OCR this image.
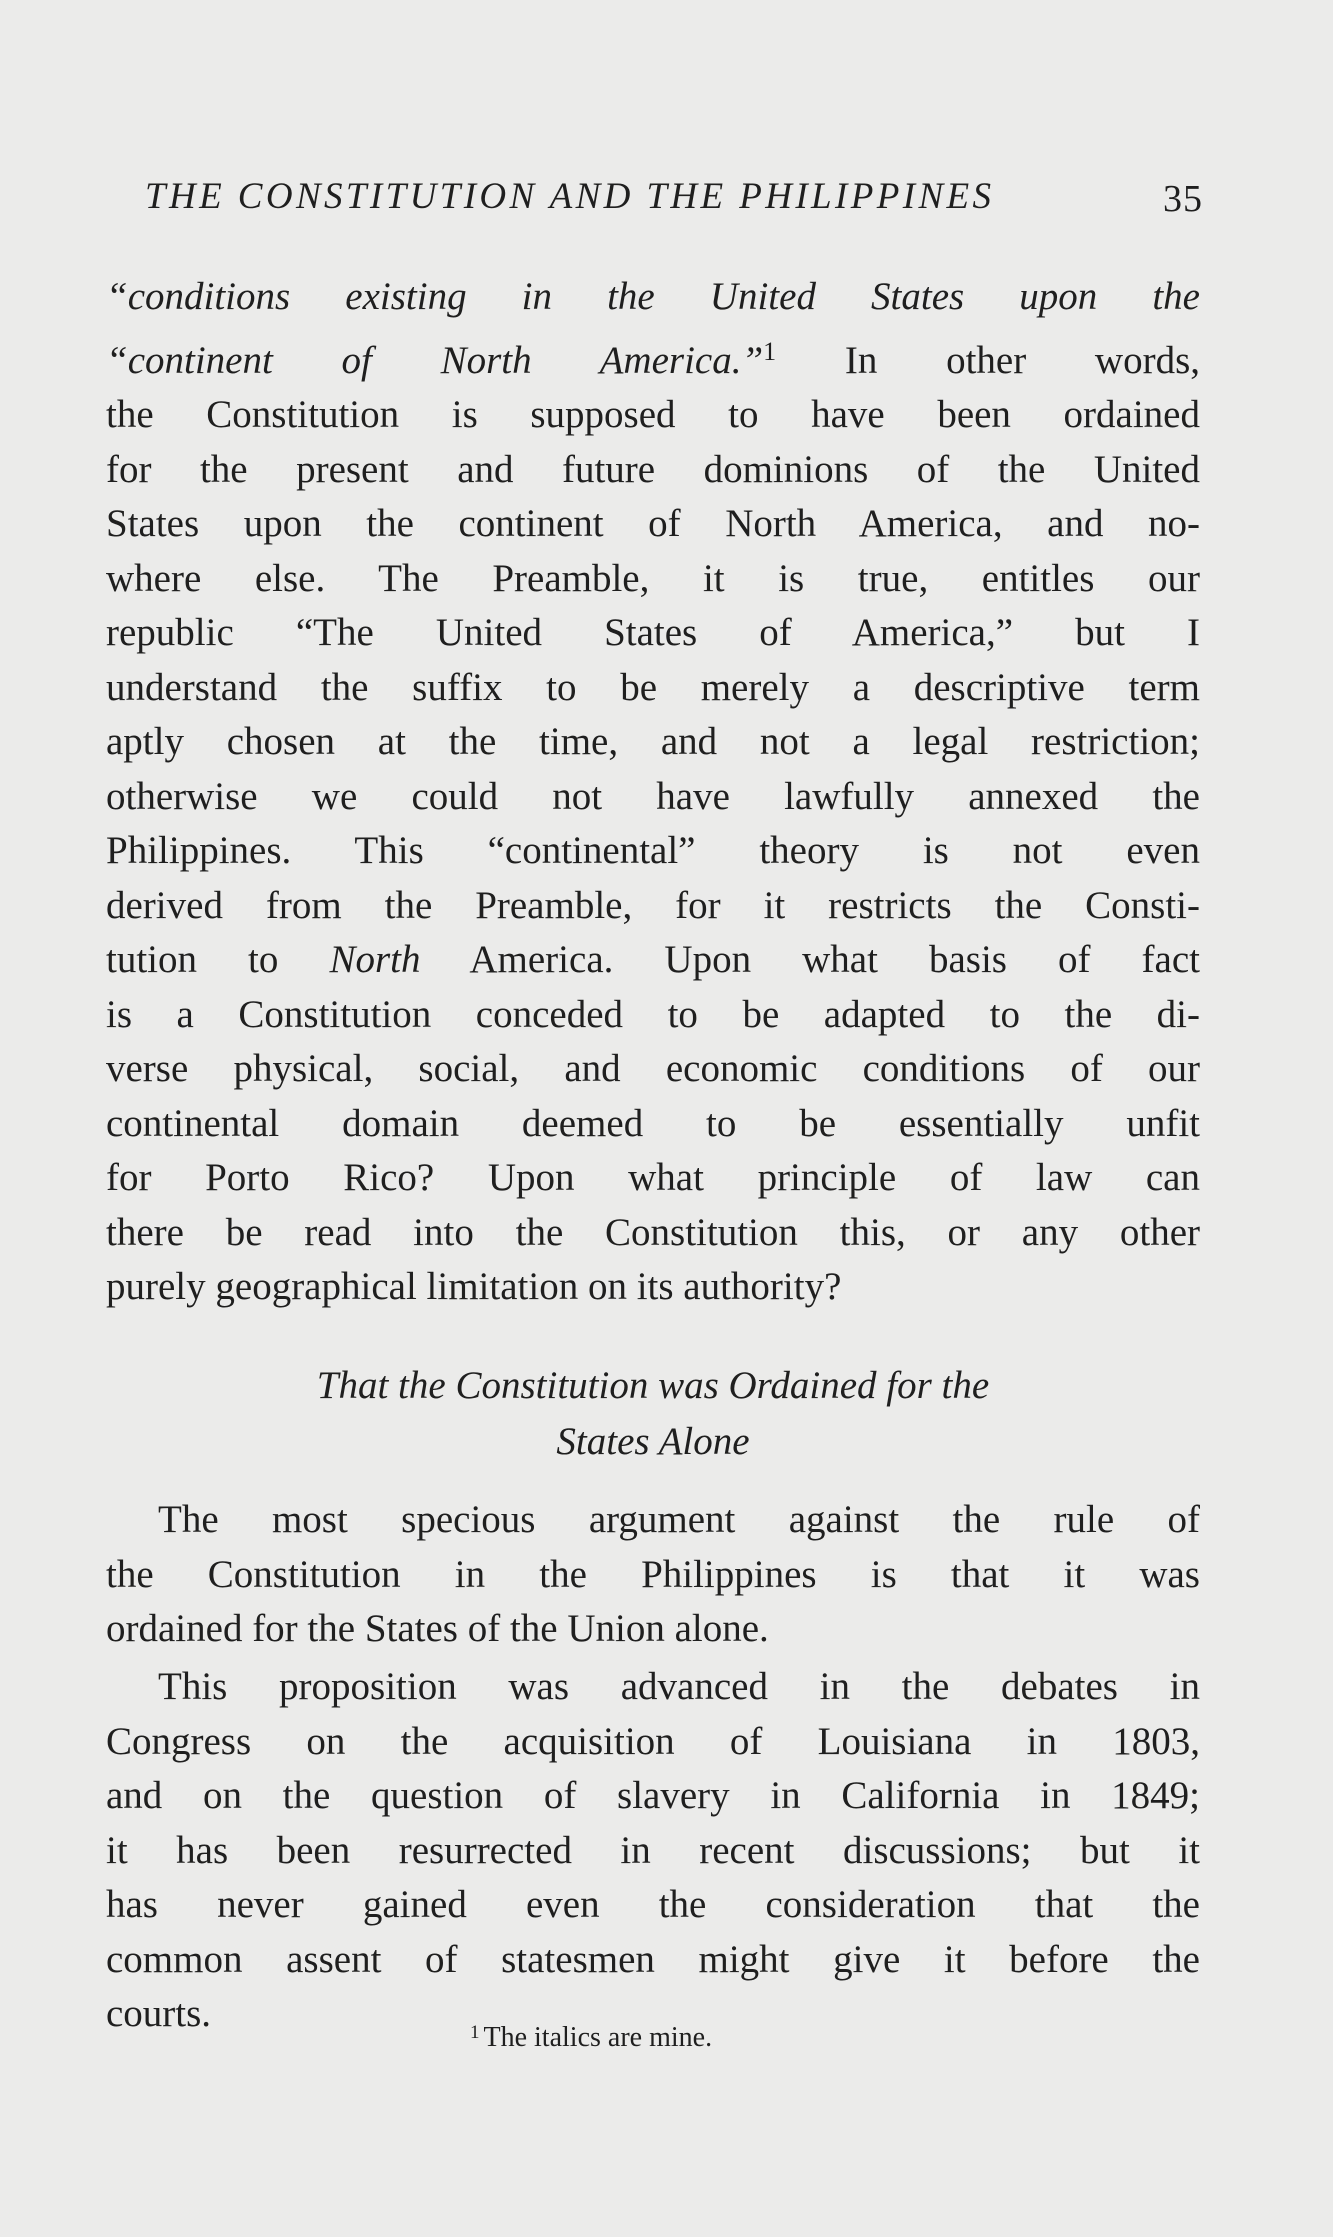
THE CONSTITUTION AND THE PHILIPPINES	35
“conditions existing in the United States upon the
“continent of North America.”$^1$ In other words,
the Constitution is supposed to have been ordained
for the present and future dominions of the United
States upon the continent of North America, and no-
where else. The Preamble, it is true, entitles our
republic “The United States of America,” but I
understand the suffix to be merely a descriptive term
aptly chosen at the time, and not a legal restriction;
otherwise we could not have lawfully annexed the
Philippines. This “continental” theory is not even
derived from the Preamble, for it restricts the Consti-
tution to North America. Upon what basis of fact
is a Constitution conceded to be adapted to the di-
verse physical, social, and economic conditions of our
continental domain deemed to be essentially unfit
for Porto Rico? Upon what principle of law can
there be read into the Constitution this, or any other
purely geographical limitation on its authority?
That the Constitution was Ordained for the
States Alone
The most specious argument against the rule of
the Constitution in the Philippines is that it was
ordained for the States of the Union alone.
This proposition was advanced in the debates in
Congress on the acquisition of Louisiana in 1803,
and on the question of slavery in California in 1849;
it has been resurrected in recent discussions; but it
has never gained even the consideration that the
common assent of statesmen might give it before the
courts.	$^1$ The italics are mine.
